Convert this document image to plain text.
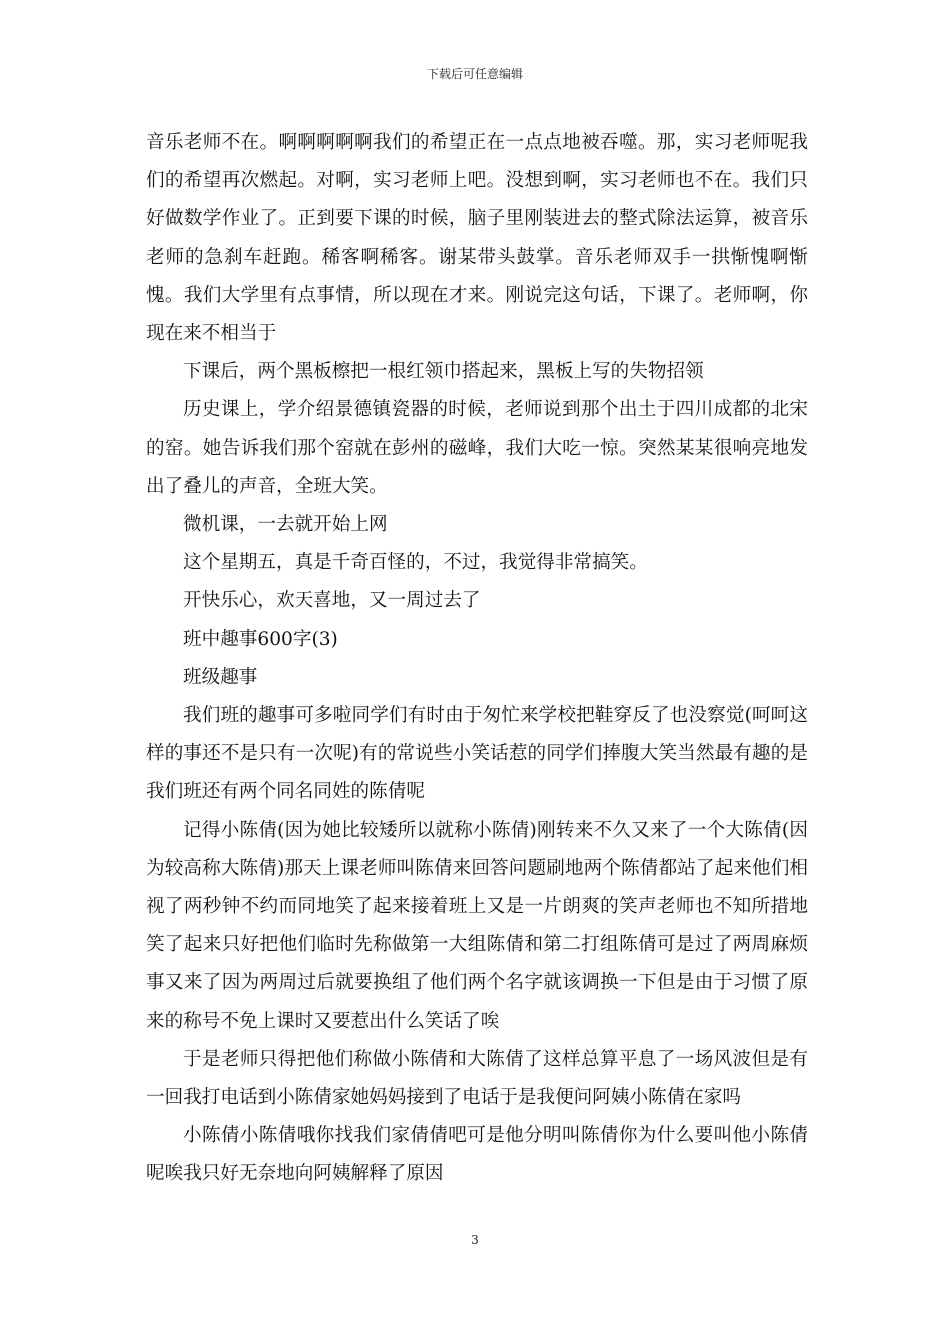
下载后可任意编辑

音乐老师不在。啊啊啊啊啊我们的希望正在一点点地被吞噬。那，实习老师呢我们的希望再次燃起。对啊，实习老师上吧。没想到啊，实习老师也不在。我们只好做数学作业了。正到要下课的时候，脑子里刚装进去的整式除法运算，被音乐老师的急刹车赶跑。稀客啊稀客。谢某带头鼓掌。音乐老师双手一拱惭愧啊惭愧。我们大学里有点事情，所以现在才来。刚说完这句话，下课了。老师啊，你现在来不相当于

下课后，两个黑板檫把一根红领巾搭起来，黑板上写的失物招领

历史课上，学介绍景德镇瓷器的时候，老师说到那个出土于四川成都的北宋的窑。她告诉我们那个窑就在彭州的磁峰，我们大吃一惊。突然某某很响亮地发出了叠儿的声音，全班大笑。

微机课，一去就开始上网

这个星期五，真是千奇百怪的，不过，我觉得非常搞笑。

开快乐心，欢天喜地，又一周过去了

班中趣事600字(3)

班级趣事

我们班的趣事可多啦同学们有时由于匆忙来学校把鞋穿反了也没察觉(呵呵这样的事还不是只有一次呢)有的常说些小笑话惹的同学们捧腹大笑当然最有趣的是我们班还有两个同名同姓的陈倩呢

记得小陈倩(因为她比较矮所以就称小陈倩)刚转来不久又来了一个大陈倩(因为较高称大陈倩)那天上课老师叫陈倩来回答问题刷地两个陈倩都站了起来他们相视了两秒钟不约而同地笑了起来接着班上又是一片朗爽的笑声老师也不知所措地笑了起来只好把他们临时先称做第一大组陈倩和第二打组陈倩可是过了两周麻烦事又来了因为两周过后就要换组了他们两个名字就该调换一下但是由于习惯了原来的称号不免上课时又要惹出什么笑话了唉

于是老师只得把他们称做小陈倩和大陈倩了这样总算平息了一场风波但是有一回我打电话到小陈倩家她妈妈接到了电话于是我便问阿姨小陈倩在家吗

小陈倩小陈倩哦你找我们家倩倩吧可是他分明叫陈倩你为什么要叫他小陈倩呢唉我只好无奈地向阿姨解释了原因

3
